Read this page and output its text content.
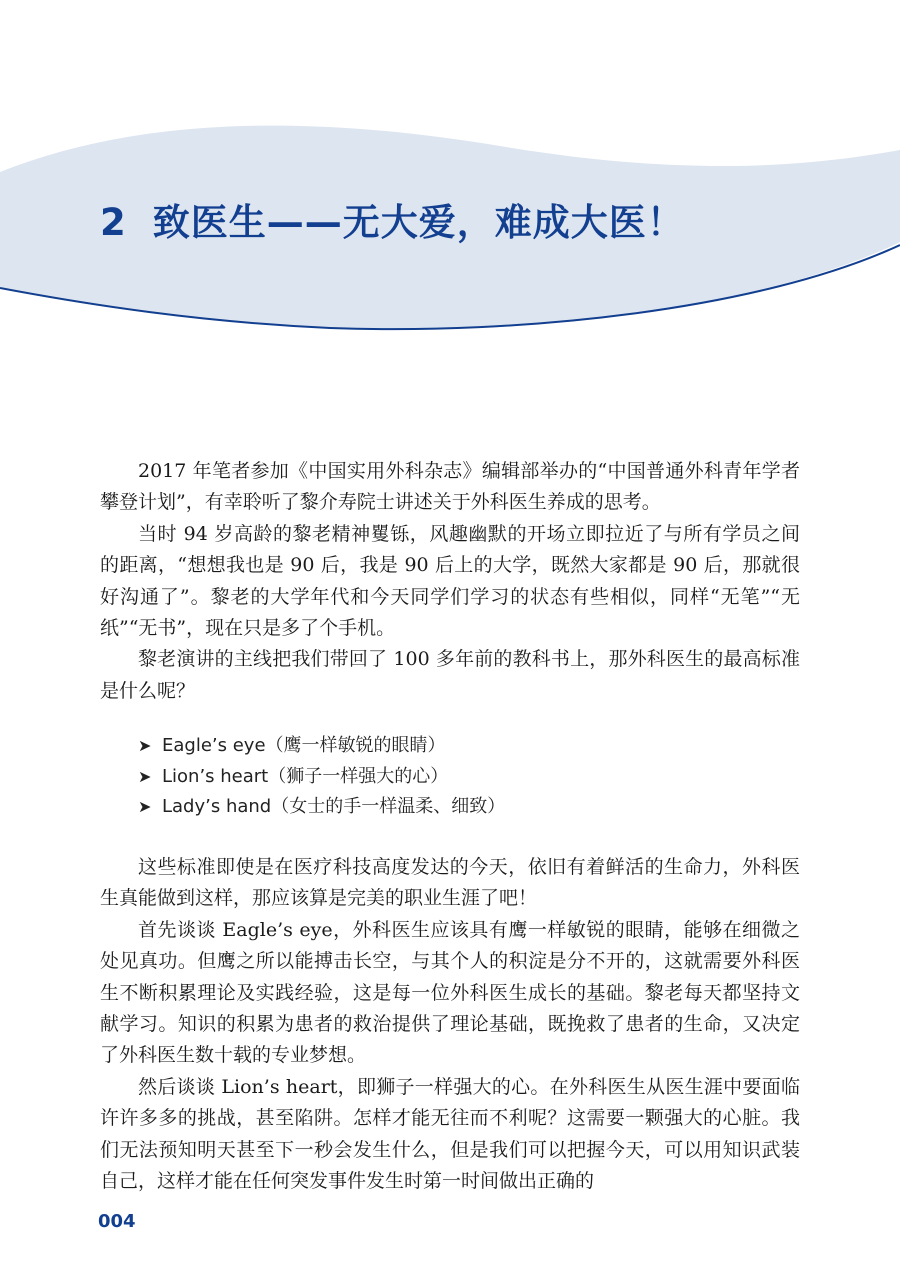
2 致医生——无大爱，难成大医！

2017 年笔者参加《中国实用外科杂志》编辑部举办的“中国普通外科青年学者攀登计划”，有幸聆听了黎介寿院士讲述关于外科医生养成的思考。

当时 94 岁高龄的黎老精神矍铄，风趣幽默的开场立即拉近了与所有学员之间的距离，“想想我也是 90 后，我是 90 后上的大学，既然大家都是 90 后，那就很好沟通了”。黎老的大学年代和今天同学们学习的状态有些相似，同样“无笔”“无纸”“无书”，现在只是多了个手机。

黎老演讲的主线把我们带回了 100 多年前的教科书上，那外科医生的最高标准是什么呢？

➤ Eagle’s eye（鹰一样敏锐的眼睛）
➤ Lion’s heart（狮子一样强大的心）
➤ Lady’s hand（女士的手一样温柔、细致）

这些标准即使是在医疗科技高度发达的今天，依旧有着鲜活的生命力，外科医生真能做到这样，那应该算是完美的职业生涯了吧！

首先谈谈 Eagle’s eye，外科医生应该具有鹰一样敏锐的眼睛，能够在细微之处见真功。但鹰之所以能搏击长空，与其个人的积淀是分不开的，这就需要外科医生不断积累理论及实践经验，这是每一位外科医生成长的基础。黎老每天都坚持文献学习。知识的积累为患者的救治提供了理论基础，既挽救了患者的生命，又决定了外科医生数十载的专业梦想。

然后谈谈 Lion’s heart，即狮子一样强大的心。在外科医生从医生涯中要面临许许多多的挑战，甚至陷阱。怎样才能无往而不利呢？这需要一颗强大的心脏。我们无法预知明天甚至下一秒会发生什么，但是我们可以把握今天，可以用知识武装自己，这样才能在任何突发事件发生时第一时间做出正确的

004
